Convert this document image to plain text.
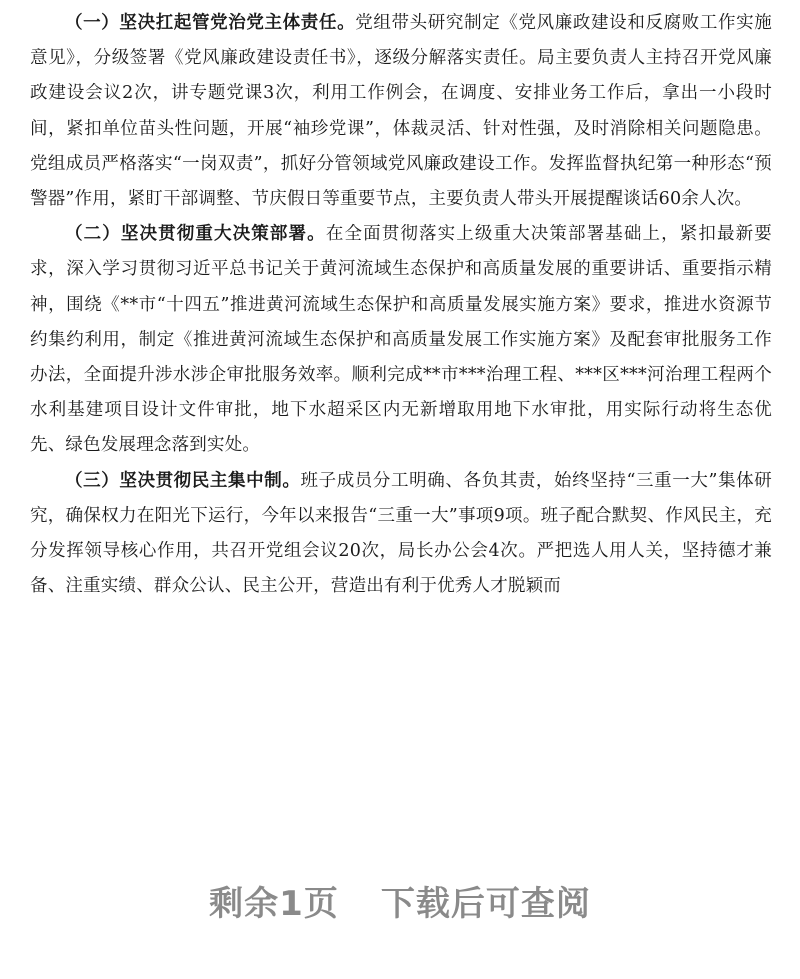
（一）坚决扛起管党治党主体责任。党组带头研究制定《党风廉政建设和反腐败工作实施意见》，分级签署《党风廉政建设责任书》，逐级分解落实责任。局主要负责人主持召开党风廉政建设会议2次，讲专题党课3次，利用工作例会，在调度、安排业务工作后，拿出一小段时间，紧扣单位苗头性问题，开展“袖珍党课”，体裁灵活、针对性强，及时消除相关问题隐患。党组成员严格落实“一岗双责”，抓好分管领域党风廉政建设工作。发挥监督执纪第一种形态“预警器”作用，紧盯干部调整、节庆假日等重要节点，主要负责人带头开展提醒谈话60余人次。

（二）坚决贯彻重大决策部署。在全面贯彻落实上级重大决策部署基础上，紧扣最新要求，深入学习贯彻习近平总书记关于黄河流域生态保护和高质量发展的重要讲话、重要指示精神，围绕《**市“十四五”推进黄河流域生态保护和高质量发展实施方案》要求，推进水资源节约集约利用，制定《推进黄河流域生态保护和高质量发展工作实施方案》及配套审批服务工作办法，全面提升涉水涉企审批服务效率。顺利完成**市***治理工程、***区***河治理工程两个水利基建项目设计文件审批，地下水超采区内无新增取用地下水审批，用实际行动将生态优先、绿色发展理念落到实处。

（三）坚决贯彻民主集中制。班子成员分工明确、各负其责，始终坚持“三重一大”集体研究，确保权力在阳光下运行，今年以来报告“三重一大”事项9项。班子配合默契、作风民主，充分发挥领导核心作用，共召开党组会议20次，局长办公会4次。严把选人用人关，坚持德才兼备、注重实绩、群众公认、民主公开，营造出有利于优秀人才脱颖而

剩余1页 下载后可查阅
